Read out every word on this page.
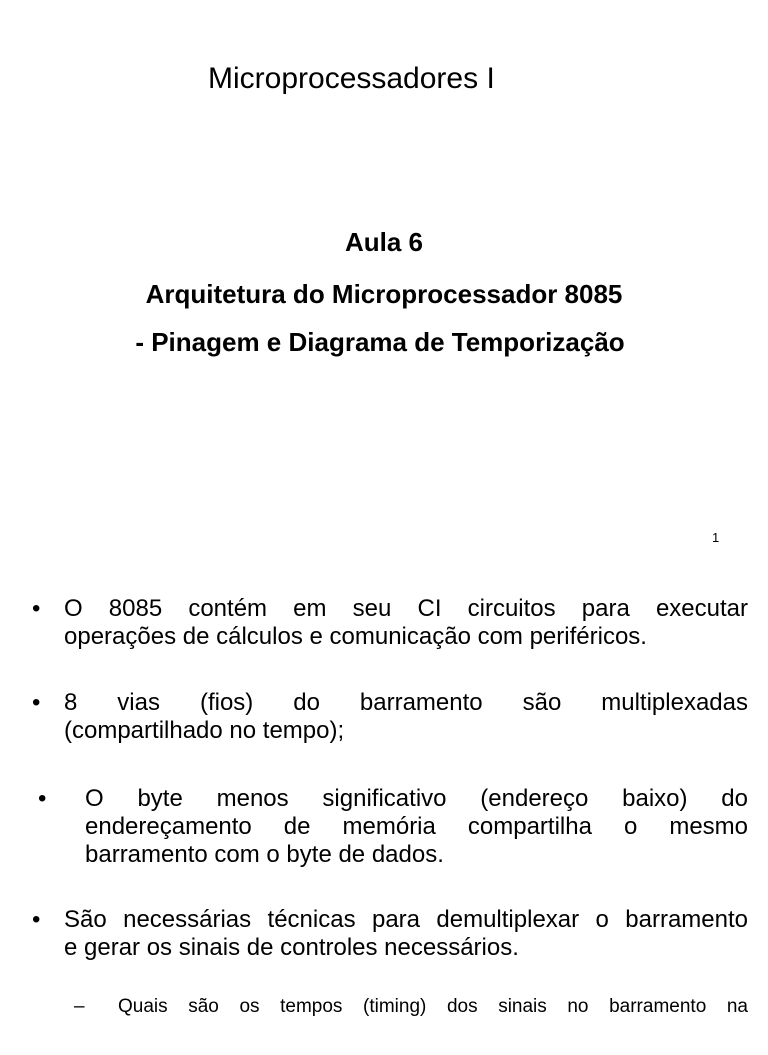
Microprocessadores I
Aula 6
Arquitetura do Microprocessador 8085
- Pinagem e Diagrama de Temporização
1
• O 8085 contém em seu CI circuitos para executar
operações de cálculos e comunicação com periféricos.
• 8 vias (fios) do barramento são multiplexadas
(compartilhado no tempo);
•	O byte menos significativo (endereço baixo) do
endereçamento de memória compartilha o mesmo
barramento com o byte de dados.
• São necessárias técnicas para demultiplexar o barramento
e gerar os sinais de controles necessários.
–	Quais são os tempos (timing) dos sinais no barramento na
